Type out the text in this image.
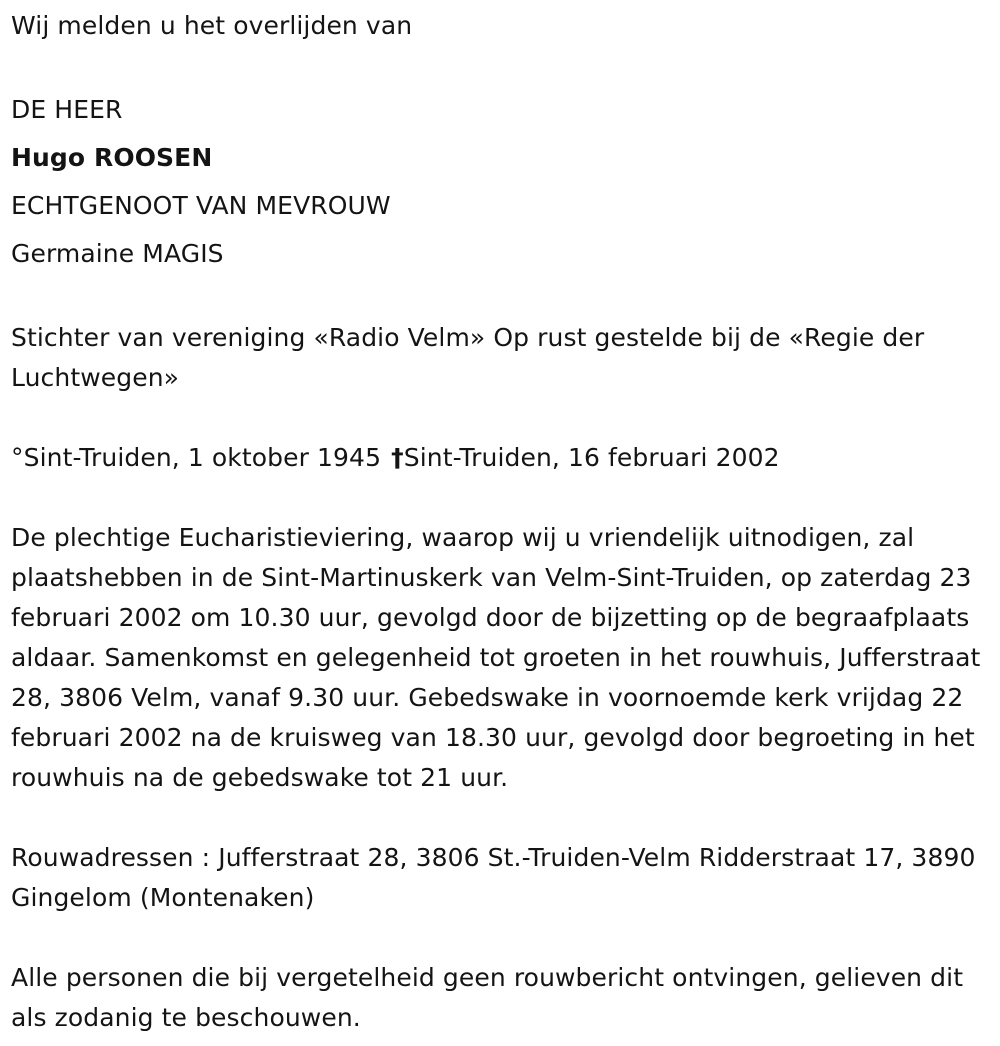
Wij melden u het overlijden van

DE HEER

Hugo ROOSEN

ECHTGENOOT VAN MEVROUW

Germaine MAGIS

Stichter van vereniging «Radio Velm» Op rust gestelde bij de «Regie der Luchtwegen»

°Sint-Truiden, 1 oktober 1945 †Sint-Truiden, 16 februari 2002

De plechtige Eucharistieviering, waarop wij u vriendelijk uitnodigen, zal plaatshebben in de Sint-Martinuskerk van Velm-Sint-Truiden, op zaterdag 23 februari 2002 om 10.30 uur, gevolgd door de bijzetting op de begraafplaats aldaar. Samenkomst en gelegenheid tot groeten in het rouwhuis, Jufferstraat 28, 3806 Velm, vanaf 9.30 uur. Gebedswake in voornoemde kerk vrijdag 22 februari 2002 na de kruisweg van 18.30 uur, gevolgd door begroeting in het rouwhuis na de gebedswake tot 21 uur.

Rouwadressen : Jufferstraat 28, 3806 St.-Truiden-Velm Ridderstraat 17, 3890 Gingelom (Montenaken)

Alle personen die bij vergetelheid geen rouwbericht ontvingen, gelieven dit als zodanig te beschouwen.
